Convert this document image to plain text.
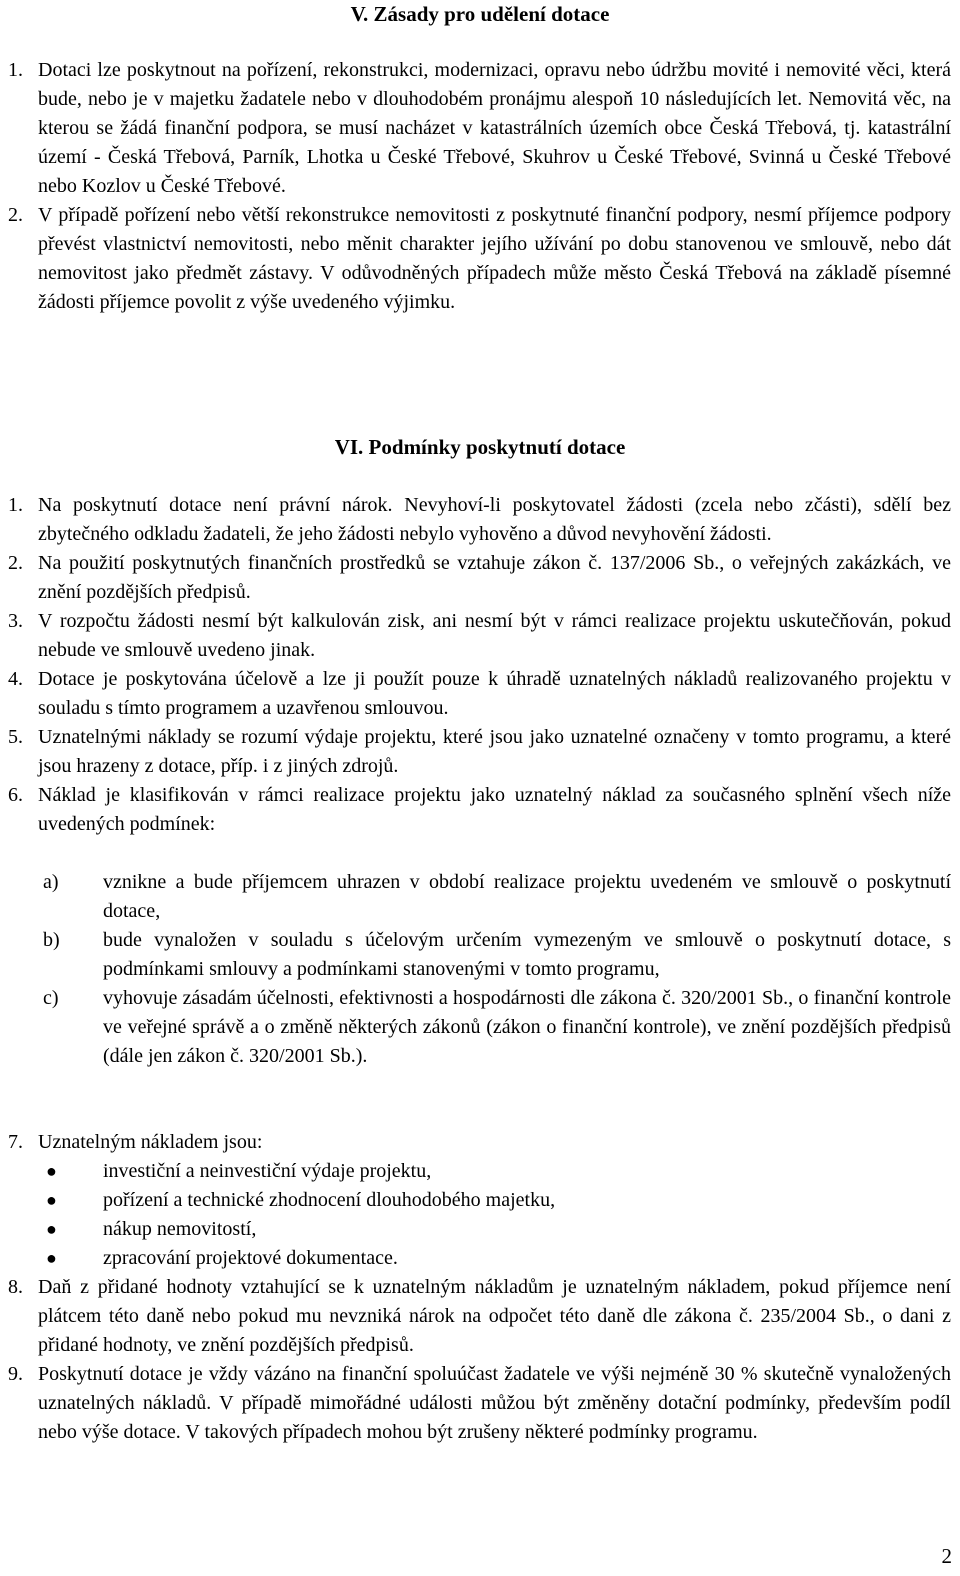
V. Zásady pro udělení dotace
1. Dotaci lze poskytnout na pořízení, rekonstrukci, modernizaci, opravu nebo údržbu movité i nemovité věci, která bude, nebo je v majetku žadatele nebo v dlouhodobém pronájmu alespoň 10 následujících let. Nemovitá věc, na kterou se žádá finanční podpora, se musí nacházet v katastrálních územích obce Česká Třebová, tj. katastrální území - Česká Třebová, Parník, Lhotka u České Třebové, Skuhrov u České Třebové, Svinná u České Třebové nebo Kozlov u České Třebové.
2. V případě pořízení nebo větší rekonstrukce nemovitosti z poskytnuté finanční podpory, nesmí příjemce podpory převést vlastnictví nemovitosti, nebo měnit charakter jejího užívání po dobu stanovenou ve smlouvě, nebo dát nemovitost jako předmět zástavy. V odůvodněných případech může město Česká Třebová na základě písemné žádosti příjemce povolit z výše uvedeného výjimku.
VI. Podmínky poskytnutí dotace
1. Na poskytnutí dotace není právní nárok. Nevyhoví-li poskytovatel žádosti (zcela nebo zčásti), sdělí bez zbytečného odkladu žadateli, že jeho žádosti nebylo vyhověno a důvod nevyhovění žádosti.
2. Na použití poskytnutých finančních prostředků se vztahuje zákon č. 137/2006 Sb., o veřejných zakázkách, ve znění pozdějších předpisů.
3. V rozpočtu žádosti nesmí být kalkulován zisk, ani nesmí být v rámci realizace projektu uskutečňován, pokud nebude ve smlouvě uvedeno jinak.
4. Dotace je poskytována účelově a lze ji použít pouze k úhradě uznatelných nákladů realizovaného projektu v souladu s tímto programem a uzavřenou smlouvou.
5. Uznatelnými náklady se rozumí výdaje projektu, které jsou jako uznatelné označeny v tomto programu, a které jsou hrazeny z dotace, příp. i z jiných zdrojů.
6. Náklad je klasifikován v rámci realizace projektu jako uznatelný náklad za současného splnění všech níže uvedených podmínek:
a) vznikne a bude příjemcem uhrazen v období realizace projektu uvedeném ve smlouvě o poskytnutí dotace,
b) bude vynaložen v souladu s účelovým určením vymezeným ve smlouvě o poskytnutí dotace, s podmínkami smlouvy a podmínkami stanovenými v tomto programu,
c) vyhovuje zásadám účelnosti, efektivnosti a hospodárnosti dle zákona č. 320/2001 Sb., o finanční kontrole ve veřejné správě a o změně některých zákonů (zákon o finanční kontrole), ve znění pozdějších předpisů (dále jen zákon č. 320/2001 Sb.).
7. Uznatelným nákladem jsou:
● investiční a neinvestiční výdaje projektu,
● pořízení a technické zhodnocení dlouhodobého majetku,
● nákup nemovitostí,
● zpracování projektové dokumentace.
8. Daň z přidané hodnoty vztahující se k uznatelným nákladům je uznatelným nákladem, pokud příjemce není plátcem této daně nebo pokud mu nevzniká nárok na odpočet této daně dle zákona č. 235/2004 Sb., o dani z přidané hodnoty, ve znění pozdějších předpisů.
9. Poskytnutí dotace je vždy vázáno na finanční spoluúčast žadatele ve výši nejméně 30 % skutečně vynaložených uznatelných nákladů. V případě mimořádné události můžou být změněny dotační podmínky, především podíl nebo výše dotace. V takových případech mohou být zrušeny některé podmínky programu.
2
